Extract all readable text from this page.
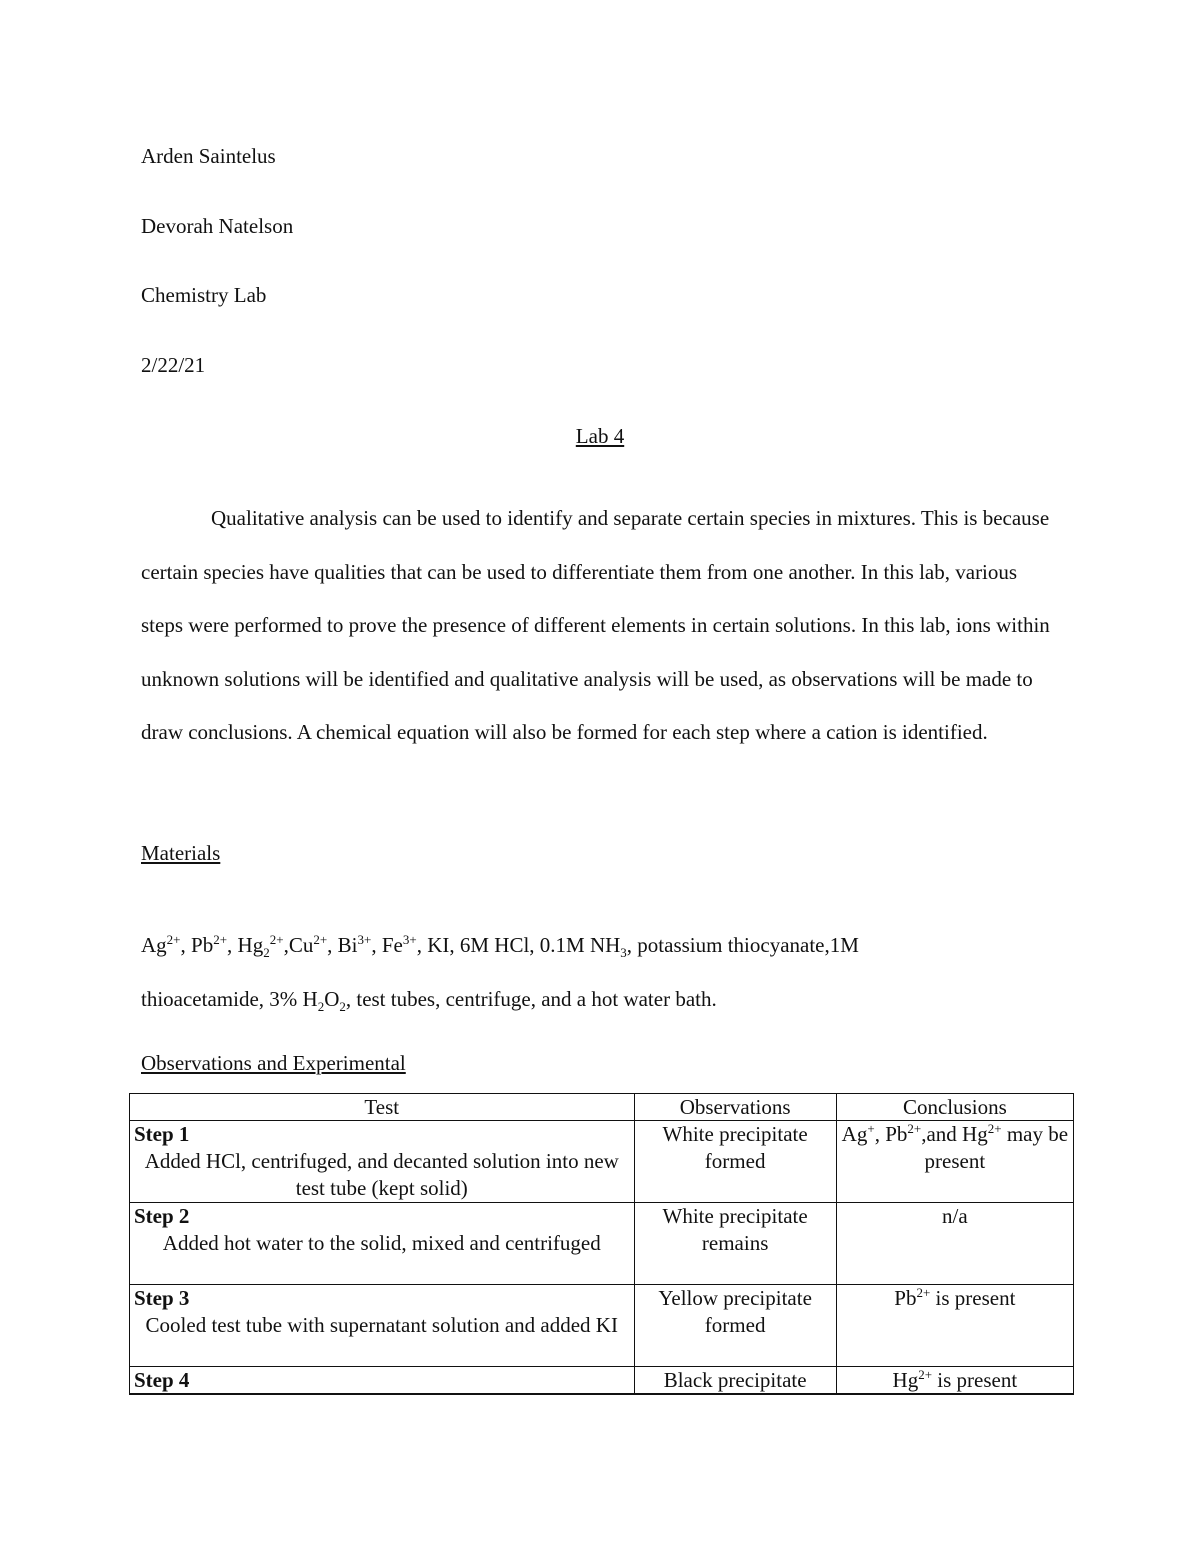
Arden Saintelus
Devorah Natelson
Chemistry Lab
2/22/21
Lab 4

Qualitative analysis can be used to identify and separate certain species in mixtures. This is because certain species have qualities that can be used to differentiate them from one another. In this lab, various steps were performed to prove the presence of different elements in certain solutions. In this lab, ions within unknown solutions will be identified and qualitative analysis will be used, as observations will be made to draw conclusions. A chemical equation will also be formed for each step where a cation is identified.

Materials

$Ag^{2+}$, $Pb^{2+}$, $Hg_2^{2+},Cu^{2+}$, $Bi^{3+}$, $Fe^{3+}$, KI, 6M HCl, 0.1M $NH_3$, potassium thiocyanate,1M
thioacetamide, 3% $H_2O_2$, test tubes, centrifuge, and a hot water bath.

Observations and Experimental
Test	Observations	Conclusions

Step 1
Added HCl, centrifuged, and decanted solution into new test tube (kept solid)	White precipitate formed	Ag+, $Pb^{2+},and$ $Hg^{2+}$ may be present

Step 2
Added hot water to the solid, mixed and centrifuged	White precipitate remains	n/a

Step 3
Cooled test tube with supernatant solution and added KI	Yellow precipitate formed	$Pb^{2+}$ is present

Step 4	Black precipitate	$Hg^{2+}$ is present
